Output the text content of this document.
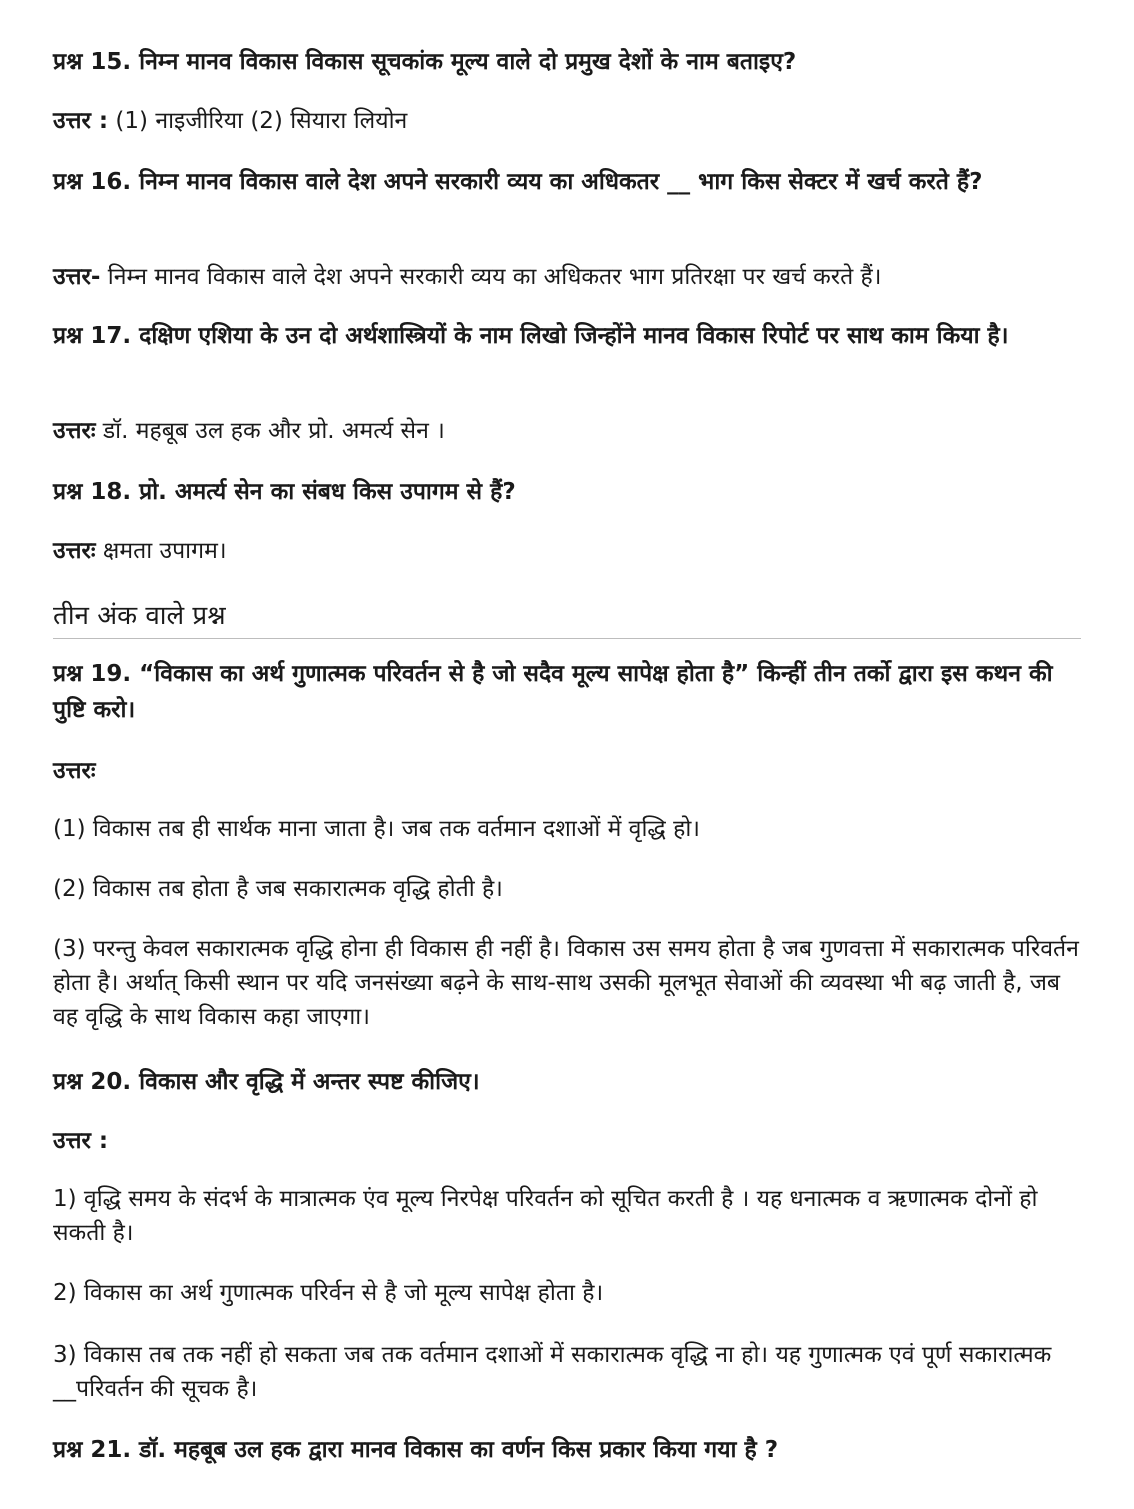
प्रश्न 15. निम्न मानव विकास विकास सूचकांक मूल्य वाले दो प्रमुख देशों के नाम बताइए?

उत्तर : (1) नाइजीरिया (2) सियारा लियोन

प्रश्न 16. निम्न मानव विकास वाले देश अपने सरकारी व्यय का अधिकतर __ भाग किस सेक्टर में खर्च करते हैं?

उत्तर- निम्न मानव विकास वाले देश अपने सरकारी व्यय का अधिकतर भाग प्रतिरक्षा पर खर्च करते हैं।

प्रश्न 17. दक्षिण एशिया के उन दो अर्थशास्त्रियों के नाम लिखो जिन्होंने मानव विकास रिपोर्ट पर साथ काम किया है।

उत्तरः डॉ. महबूब उल हक और प्रो. अमर्त्य सेन ।

प्रश्न 18. प्रो. अमर्त्य सेन का संबध किस उपागम से हैं?

उत्तरः क्षमता उपागम।

तीन अंक वाले प्रश्न

प्रश्न 19. “विकास का अर्थ गुणात्मक परिवर्तन से है जो सदैव मूल्य सापेक्ष होता है” किन्हीं तीन तर्को द्वारा इस कथन की पुष्टि करो।

उत्तरः

(1) विकास तब ही सार्थक माना जाता है। जब तक वर्तमान दशाओं में वृद्धि हो।

(2) विकास तब होता है जब सकारात्मक वृद्धि होती है।

(3) परन्तु केवल सकारात्मक वृद्धि होना ही विकास ही नहीं है। विकास उस समय होता है जब गुणवत्ता में सकारात्मक परिवर्तन होता है। अर्थात् किसी स्थान पर यदि जनसंख्या बढ़ने के साथ-साथ उसकी मूलभूत सेवाओं की व्यवस्था भी बढ़ जाती है, जब वह वृद्धि के साथ विकास कहा जाएगा।

प्रश्न 20. विकास और वृद्धि में अन्तर स्पष्ट कीजिए।

उत्तर :

1) वृद्धि समय के संदर्भ के मात्रात्मक एंव मूल्य निरपेक्ष परिवर्तन को सूचित करती है । यह धनात्मक व ऋणात्मक दोनों हो सकती है।

2) विकास का अर्थ गुणात्मक परिर्वन से है जो मूल्य सापेक्ष होता है।

3) विकास तब तक नहीं हो सकता जब तक वर्तमान दशाओं में सकारात्मक वृद्धि ना हो। यह गुणात्मक एवं पूर्ण सकारात्मक __परिवर्तन की सूचक है।

प्रश्न 21. डॉ. महबूब उल हक द्वारा मानव विकास का वर्णन किस प्रकार किया गया है ?
